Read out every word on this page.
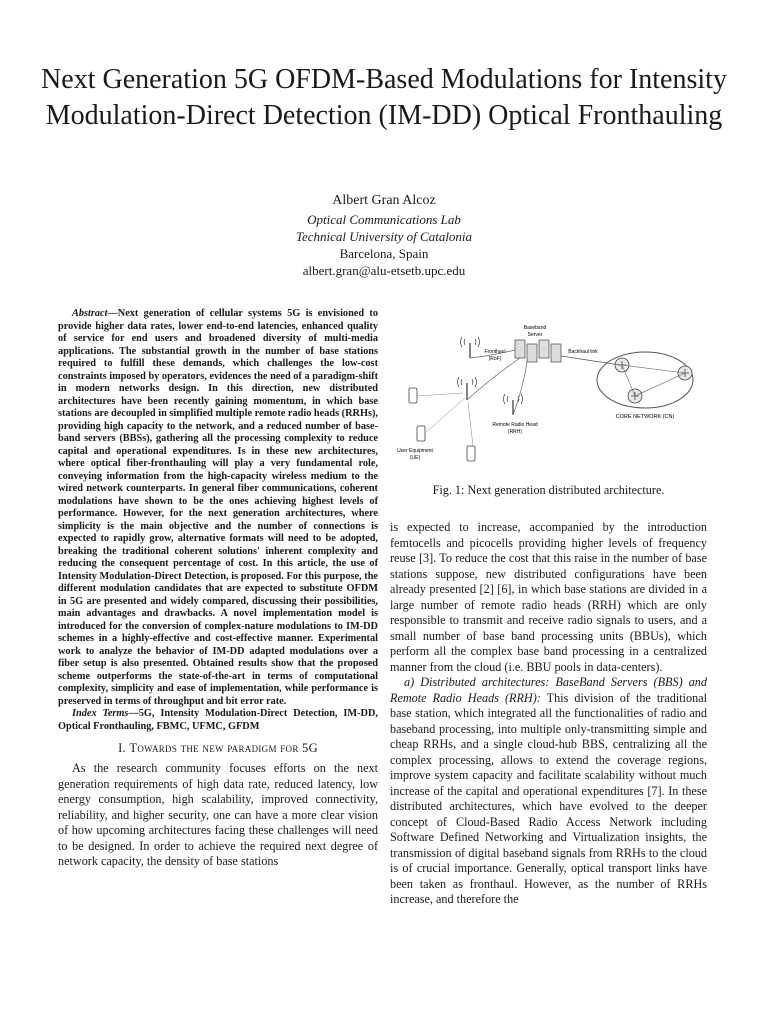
Next Generation 5G OFDM-Based Modulations for Intensity Modulation-Direct Detection (IM-DD) Optical Fronthauling
Albert Gran Alcoz
Optical Communications Lab
Technical University of Catalonia
Barcelona, Spain
albert.gran@alu-etsetb.upc.edu

Abstract—Next generation of cellular systems 5G is envisioned to provide higher data rates, lower end-to-end latencies, enhanced quality of service for end users and broadened diversity of multi-media applications. The substantial growth in the number of base stations required to fulfill these demands, which challenges the low-cost constraints imposed by operators, evidences the need of a paradigm-shift in modern networks design. In this direction, new distributed architectures have been recently gaining momentum, in which base stations are decoupled in simplified multiple remote radio heads (RRHs), providing high capacity to the network, and a reduced number of base-band servers (BBSs), gathering all the processing complexity to reduce capital and operational expenditures. Is in these new architectures, where optical fiber-fronthauling will play a very fundamental role, conveying information from the high-capacity wireless medium to the wired network counterparts. In general fiber communications, coherent modulations have shown to be the ones achieving highest levels of performance. However, for the next generation architectures, where simplicity is the main objective and the number of connections is expected to rapidly grow, alternative formats will need to be adopted, breaking the traditional coherent solutions' inherent complexity and reducing the consequent percentage of cost. In this article, the use of Intensity Modulation-Direct Detection, is proposed. For this purpose, the different modulation candidates that are expected to substitute OFDM in 5G are presented and widely compared, discussing their possibilities, main advantages and drawbacks. A novel implementation model is introduced for the conversion of complex-nature modulations to IM-DD schemes in a highly-effective and cost-effective manner. Experimental work to analyze the behavior of IM-DD adapted modulations over a fiber setup is also presented. Obtained results show that the proposed scheme outperforms the state-of-the-art in terms of computational complexity, simplicity and ease of implementation, while performance is preserved in terms of throughput and bit error rate.

Index Terms—5G, Intensity Modulation-Direct Detection, IM-DD, Optical Fronthauling, FBMC, UFMC, GFDM

I. Towards the new paradigm for 5G

As the research community focuses efforts on the next generation requirements of high data rate, reduced latency, low energy consumption, high scalability, improved connectivity, reliability, and higher security, one can have a more clear vision of how upcoming architectures facing these challenges will need to be designed. In order to achieve the required next degree of network capacity, the density of base stations

CORE NETWORK (CN)
Baseband
Server
Backhaul link
Fronthaul
(RoF)
Remote Radio Head
(RRH)
User Equipment
(UE)
Fig. 1: Next generation distributed architecture.

is expected to increase, accompanied by the introduction femtocells and picocells providing higher levels of frequency reuse [3]. To reduce the cost that this raise in the number of base stations suppose, new distributed configurations have been already presented [2] [6], in which base stations are divided in a large number of remote radio heads (RRH) which are only responsible to transmit and receive radio signals to users, and a small number of base band processing units (BBUs), which perform all the complex base band processing in a centralized manner from the cloud (i.e. BBU pools in data-centers).

a) Distributed architectures: BaseBand Servers (BBS) and Remote Radio Heads (RRH): This division of the traditional base station, which integrated all the functionalities of radio and baseband processing, into multiple only-transmitting simple and cheap RRHs, and a single cloud-hub BBS, centralizing all the complex processing, allows to extend the coverage regions, improve system capacity and facilitate scalability without much increase of the capital and operational expenditures [7]. In these distributed architectures, which have evolved to the deeper concept of Cloud-Based Radio Access Network including Software Defined Networking and Virtualization insights, the transmission of digital baseband signals from RRHs to the cloud is of crucial importance. Generally, optical transport links have been taken as fronthaul. However, as the number of RRHs increase, and therefore the
